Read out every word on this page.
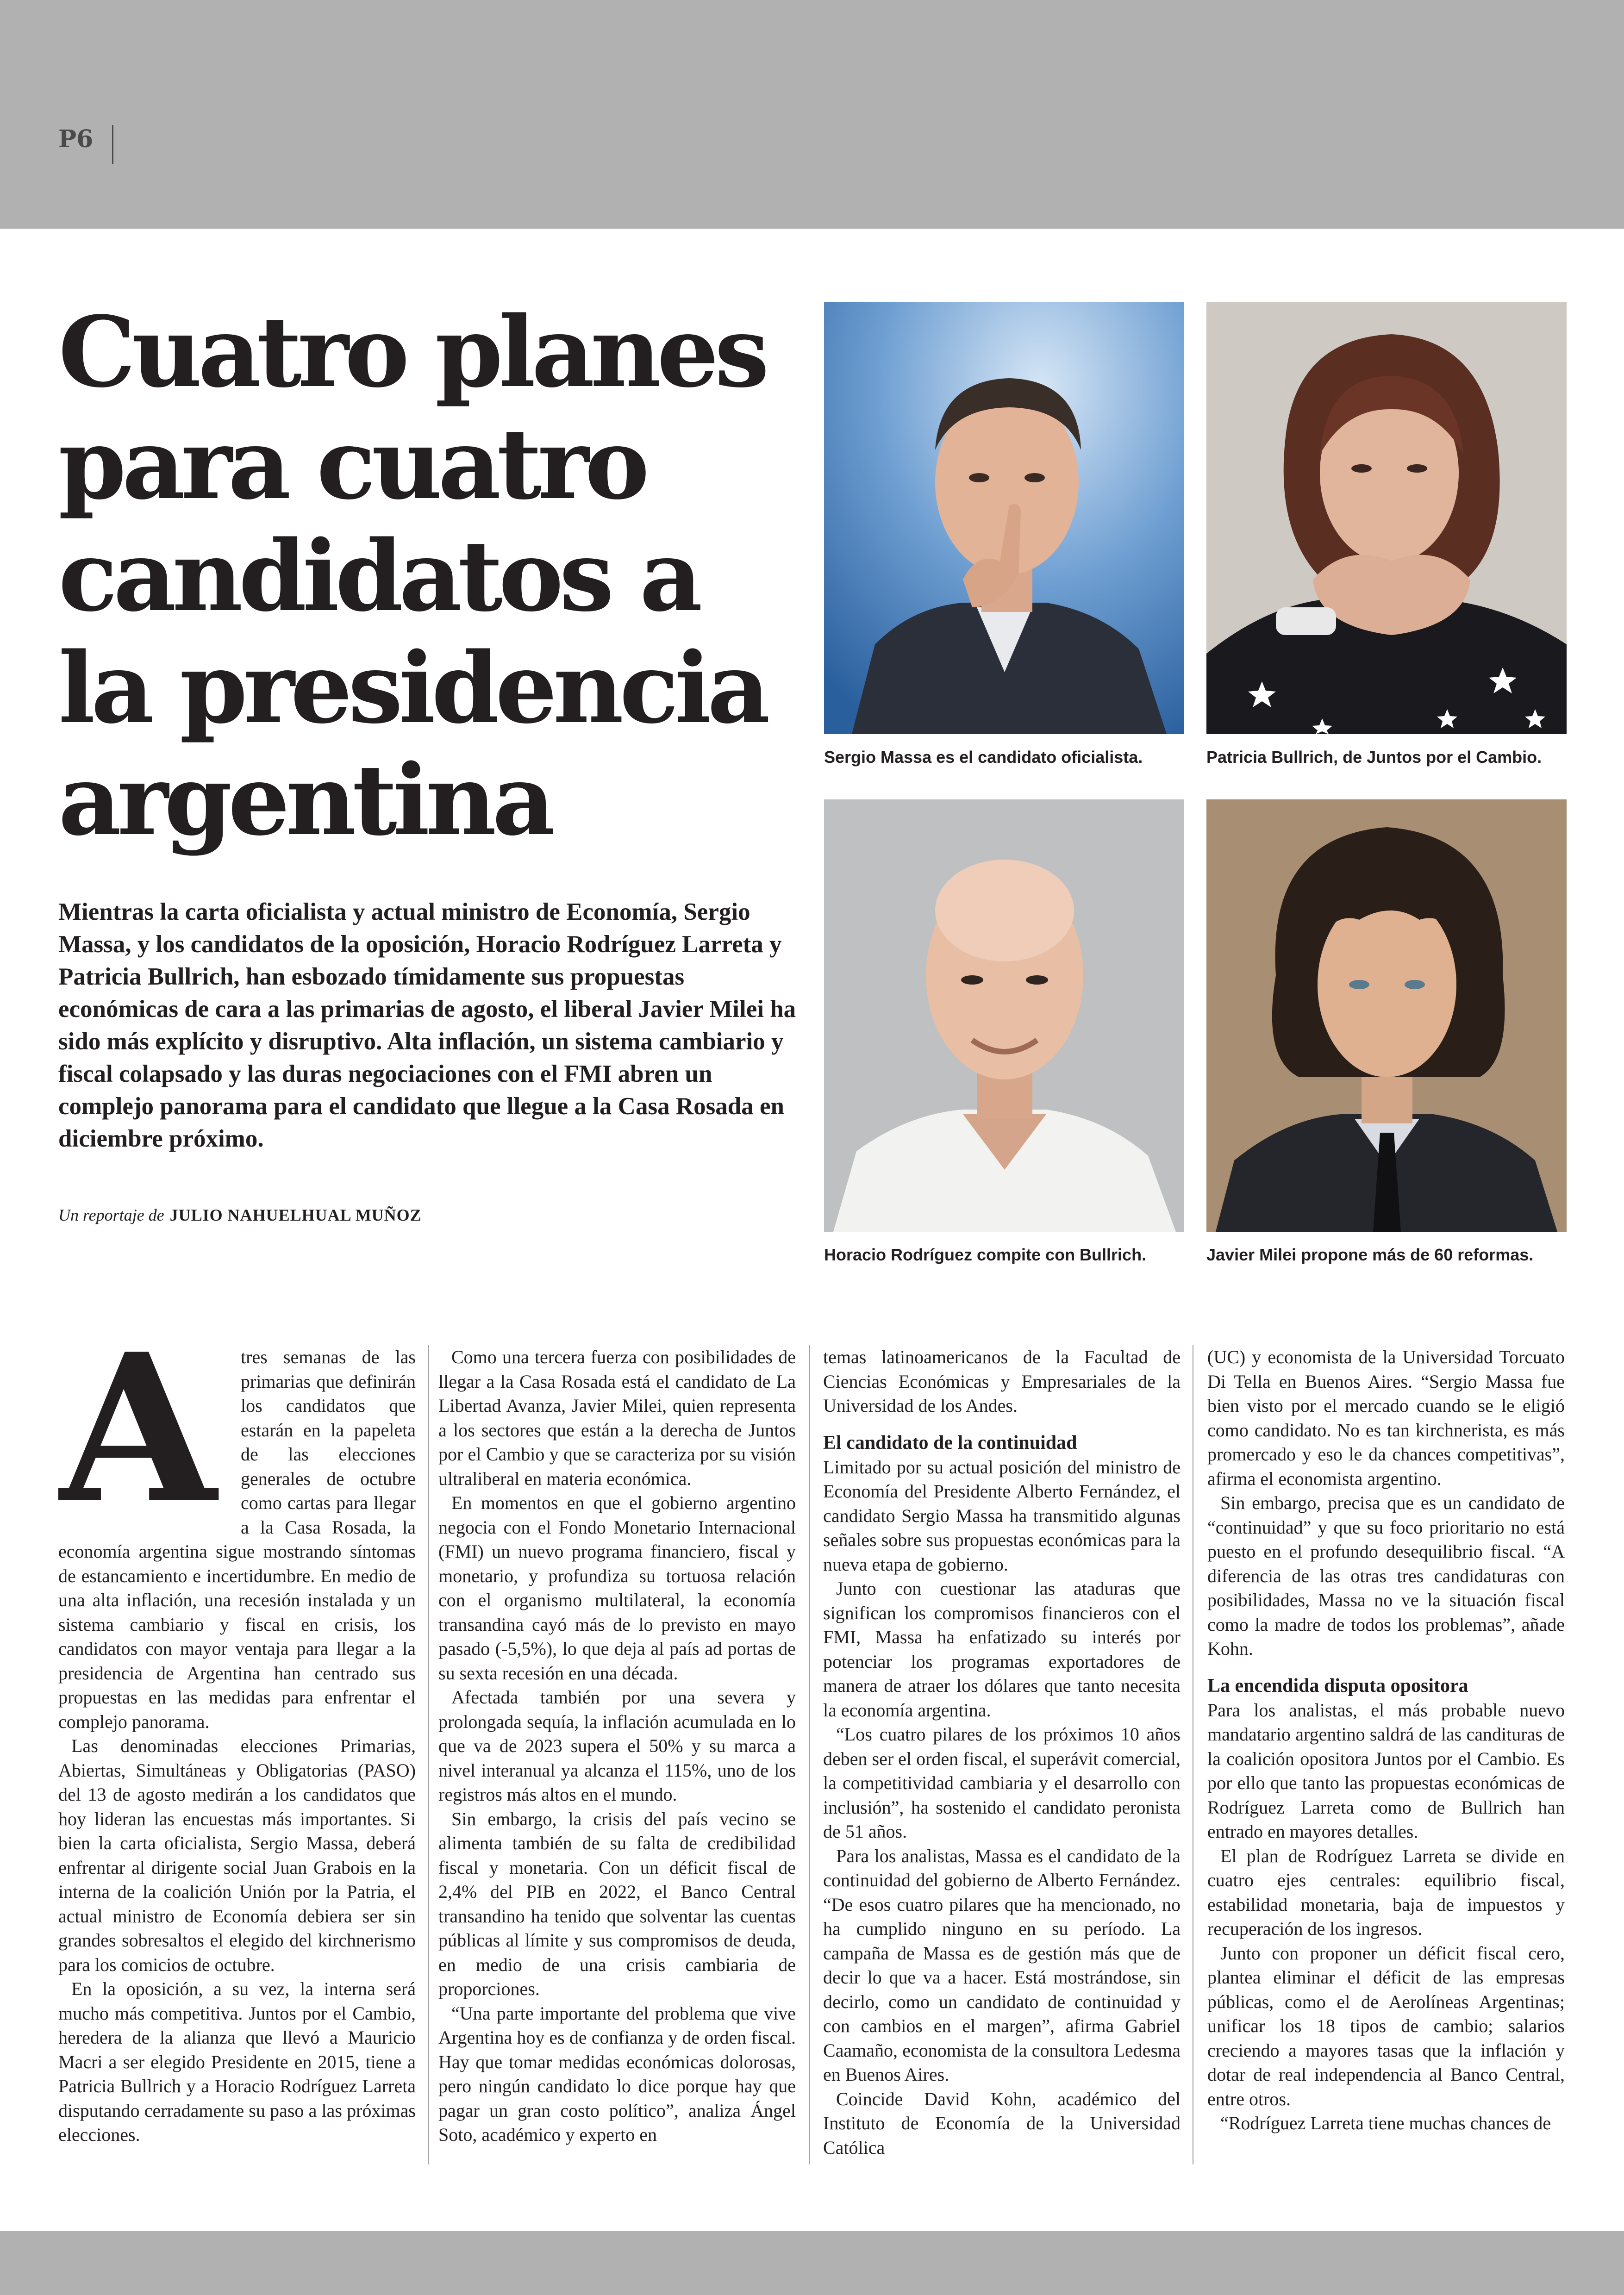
P6
Cuatro planes para cuatro candidatos a la presidencia argentina

Mientras la carta oficialista y actual ministro de Economía, Sergio Massa, y los candidatos de la oposición, Horacio Rodríguez Larreta y Patricia Bullrich, han esbozado tímidamente sus propuestas económicas de cara a las primarias de agosto, el liberal Javier Milei ha sido más explícito y disruptivo. Alta inflación, un sistema cambiario y fiscal colapsado y las duras negociaciones con el FMI abren un complejo panorama para el candidato que llegue a la Casa Rosada en diciembre próximo.

Un reportaje de JULIO NAHUELHUAL MUÑOZ
Sergio Massa es el candidato oficialista.	Patricia Bullrich, de Juntos por el Cambio.
Horacio Rodríguez compite con Bullrich.	Javier Milei propone más de 60 reformas.

A	tres semanas de las primarias que definirán los candidatos que estarán en la papeleta de las elecciones generales de octubre como cartas para llegar a la Casa Rosada, la economía argentina sigue mostrando síntomas de estancamiento e incertidumbre. En medio de una alta inflación, una recesión instalada y un sistema cambiario y fiscal en crisis, los candidatos con mayor ventaja para llegar a la presidencia de Argentina han centrado sus propuestas en las medidas para enfrentar el complejo panorama.

Las denominadas elecciones Primarias, Abiertas, Simultáneas y Obligatorias (PASO) del 13 de agosto medirán a los candidatos que hoy lideran las encuestas más importantes. Si bien la carta oficialista, Sergio Massa, deberá enfrentar al dirigente social Juan Grabois en la interna de la coalición Unión por la Patria, el actual ministro de Economía debiera ser sin grandes sobresaltos el elegido del kirchnerismo para los comicios de octubre.

En la oposición, a su vez, la interna será mucho más competitiva. Juntos por el Cambio, heredera de la alianza que llevó a Mauricio Macri a ser elegido Presidente en 2015, tiene a Patricia Bullrich y a Horacio Rodríguez Larreta disputando cerradamente su paso a las próximas elecciones.

Como una tercera fuerza con posibilidades de llegar a la Casa Rosada está el candidato de La Libertad Avanza, Javier Milei, quien representa a los sectores que están a la derecha de Juntos por el Cambio y que se caracteriza por su visión ultraliberal en materia económica.

En momentos en que el gobierno argentino negocia con el Fondo Monetario Internacional (FMI) un nuevo programa financiero, fiscal y monetario, y profundiza su tortuosa relación con el organismo multilateral, la economía transandina cayó más de lo previsto en mayo pasado (-5,5%), lo que deja al país ad portas de su sexta recesión en una década.

Afectada también por una severa y prolongada sequía, la inflación acumulada en lo que va de 2023 supera el 50% y su marca a nivel interanual ya alcanza el 115%, uno de los registros más altos en el mundo.

Sin embargo, la crisis del país vecino se alimenta también de su falta de credibilidad fiscal y monetaria. Con un déficit fiscal de 2,4% del PIB en 2022, el Banco Central transandino ha tenido que solventar las cuentas públicas al límite y sus compromisos de deuda, en medio de una crisis cambiaria de proporciones.

“Una parte importante del problema que vive Argentina hoy es de confianza y de orden fiscal. Hay que tomar medidas económicas dolorosas, pero ningún candidato lo dice porque hay que pagar un gran costo político”, analiza Ángel Soto, académico y experto en

temas latinoamericanos de la Facultad de Ciencias Económicas y Empresariales de la Universidad de los Andes.

El candidato de la continuidad

Limitado por su actual posición del ministro de Economía del Presidente Alberto Fernández, el candidato Sergio Massa ha transmitido algunas señales sobre sus propuestas económicas para la nueva etapa de gobierno.

Junto con cuestionar las ataduras que significan los compromisos financieros con el FMI, Massa ha enfatizado su interés por potenciar los programas exportadores de manera de atraer los dólares que tanto necesita la economía argentina.

“Los cuatro pilares de los próximos 10 años deben ser el orden fiscal, el superávit comercial, la competitividad cambiaria y el desarrollo con inclusión”, ha sostenido el candidato peronista de 51 años.

Para los analistas, Massa es el candidato de la continuidad del gobierno de Alberto Fernández. “De esos cuatro pilares que ha mencionado, no ha cumplido ninguno en su período. La campaña de Massa es de gestión más que de decir lo que va a hacer. Está mostrándose, sin decirlo, como un candidato de continuidad y con cambios en el margen”, afirma Gabriel Caamaño, economista de la consultora Ledesma en Buenos Aires.

Coincide David Kohn, académico del Instituto de Economía de la Universidad Católica

(UC) y economista de la Universidad Torcuato Di Tella en Buenos Aires. “Sergio Massa fue bien visto por el mercado cuando se le eligió como candidato. No es tan kirchnerista, es más promercado y eso le da chances competitivas”, afirma el economista argentino.

Sin embargo, precisa que es un candidato de “continuidad” y que su foco prioritario no está puesto en el profundo desequilibrio fiscal. “A diferencia de las otras tres candidaturas con posibilidades, Massa no ve la situación fiscal como la madre de todos los problemas”, añade Kohn.

La encendida disputa opositora

Para los analistas, el más probable nuevo mandatario argentino saldrá de las candituras de la coalición opositora Juntos por el Cambio. Es por ello que tanto las propuestas económicas de Rodríguez Larreta como de Bullrich han entrado en mayores detalles.

El plan de Rodríguez Larreta se divide en cuatro ejes centrales: equilibrio fiscal, estabilidad monetaria, baja de impuestos y recuperación de los ingresos.

Junto con proponer un déficit fiscal cero, plantea eliminar el déficit de las empresas públicas, como el de Aerolíneas Argentinas; unificar los 18 tipos de cambio; salarios creciendo a mayores tasas que la inflación y dotar de real independencia al Banco Central, entre otros.

“Rodríguez Larreta tiene muchas chances de
